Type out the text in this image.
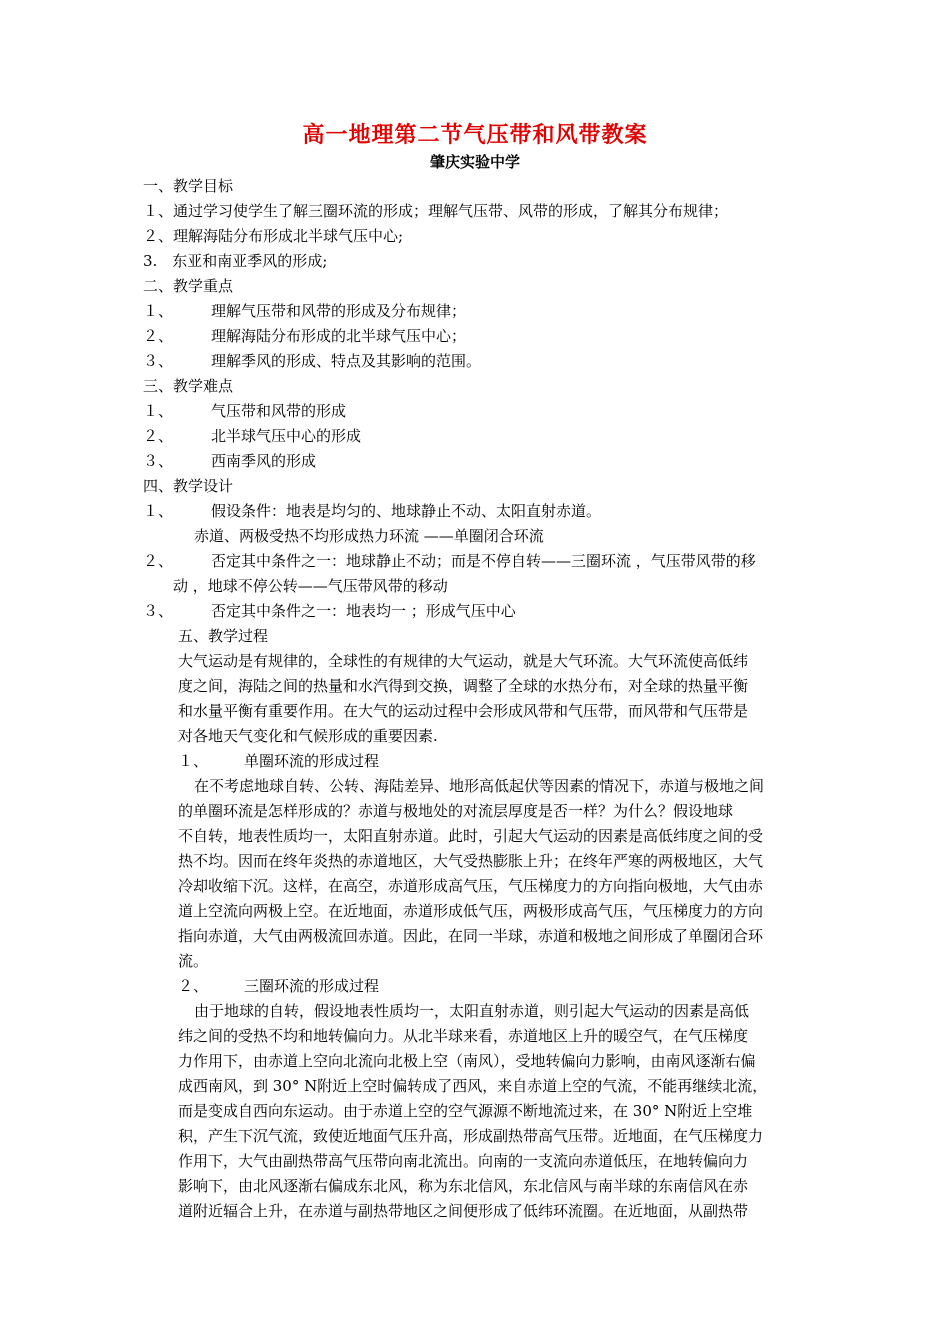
高一地理第二节气压带和风带教案
肇庆实验中学
一、教学目标
１、通过学习使学生了解三圈环流的形成；理解气压带、风带的形成，了解其分布规律；
２、理解海陆分布形成北半球气压中心;
3.　东亚和南亚季风的形成;
二、教学重点
１、	理解气压带和风带的形成及分布规律；
２、	理解海陆分布形成的北半球气压中心；
３、	理解季风的形成、特点及其影响的范围。
三、教学难点
１、	气压带和风带的形成
２、	北半球气压中心的形成
３、	西南季风的形成
四、教学设计
１、	假设条件：地表是均匀的、地球静止不动、太阳直射赤道。
赤道、两极受热不均形成热力环流 ——单圈闭合环流
２、	否定其中条件之一：地球静止不动；而是不停自转——三圈环流 ，气压带风带的移
动 ，地球不停公转——气压带风带的移动
３、	否定其中条件之一：地表均一 ；形成气压中心
五、教学过程
大气运动是有规律的，全球性的有规律的大气运动，就是大气环流。大气环流使高低纬
度之间，海陆之间的热量和水汽得到交换，调整了全球的水热分布，对全球的热量平衡
和水量平衡有重要作用。在大气的运动过程中会形成风带和气压带，而风带和气压带是
对各地天气变化和气候形成的重要因素.
１、 单圈环流的形成过程
在不考虑地球自转、公转、海陆差异、地形高低起伏等因素的情况下，赤道与极地之间
的单圈环流是怎样形成的？赤道与极地处的对流层厚度是否一样？为什么？假设地球
不自转，地表性质均一，太阳直射赤道。此时，引起大气运动的因素是高低纬度之间的受
热不均。因而在终年炎热的赤道地区，大气受热膨胀上升；在终年严寒的两极地区，大气
冷却收缩下沉。这样，在高空，赤道形成高气压，气压梯度力的方向指向极地，大气由赤
道上空流向两极上空。在近地面，赤道形成低气压，两极形成高气压，气压梯度力的方向
指向赤道，大气由两极流回赤道。因此，在同一半球，赤道和极地之间形成了单圈闭合环
流。
２、 三圈环流的形成过程
由于地球的自转，假设地表性质均一，太阳直射赤道，则引起大气运动的因素是高低
纬之间的受热不均和地转偏向力。从北半球来看，赤道地区上升的暖空气，在气压梯度
力作用下，由赤道上空向北流向北极上空（南风），受地转偏向力影响，由南风逐渐右偏
成西南风，到 30° N附近上空时偏转成了西风，来自赤道上空的气流，不能再继续北流，
而是变成自西向东运动。由于赤道上空的空气源源不断地流过来，在 30° N附近上空堆
积，产生下沉气流，致使近地面气压升高，形成副热带高气压带。近地面，在气压梯度力
作用下，大气由副热带高气压带向南北流出。向南的一支流向赤道低压，在地转偏向力
影响下，由北风逐渐右偏成东北风，称为东北信风，东北信风与南半球的东南信风在赤
道附近辐合上升，在赤道与副热带地区之间便形成了低纬环流圈。在近地面，从副热带
